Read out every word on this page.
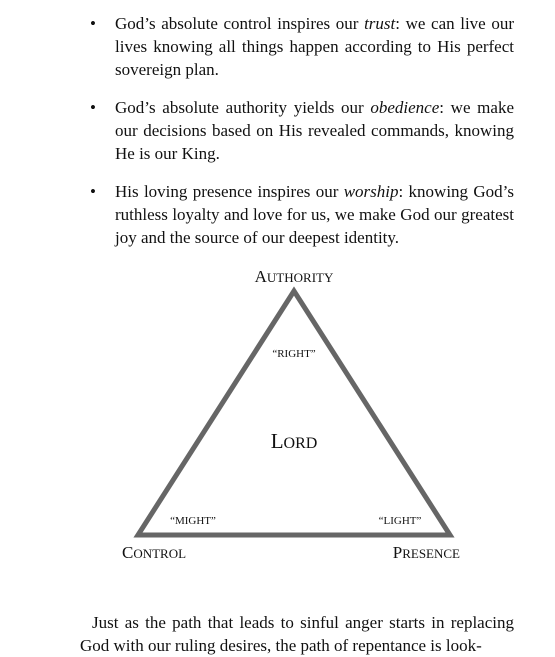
• God’s absolute control inspires our trust: we can live our lives knowing all things happen according to His perfect sovereign plan.
• God’s absolute authority yields our obedience: we make our decisions based on His revealed commands, knowing He is our King.
• His loving presence inspires our worship: knowing God’s ruthless loyalty and love for us, we make God our greatest joy and the source of our deepest identity.
AUTHORITY
“RIGHT”
LORD
“MIGHT”	“LIGHT”
CONTROL	PRESENCE

Just as the path that leads to sinful anger starts in replacing God with our ruling desires, the path of repentance is look-
